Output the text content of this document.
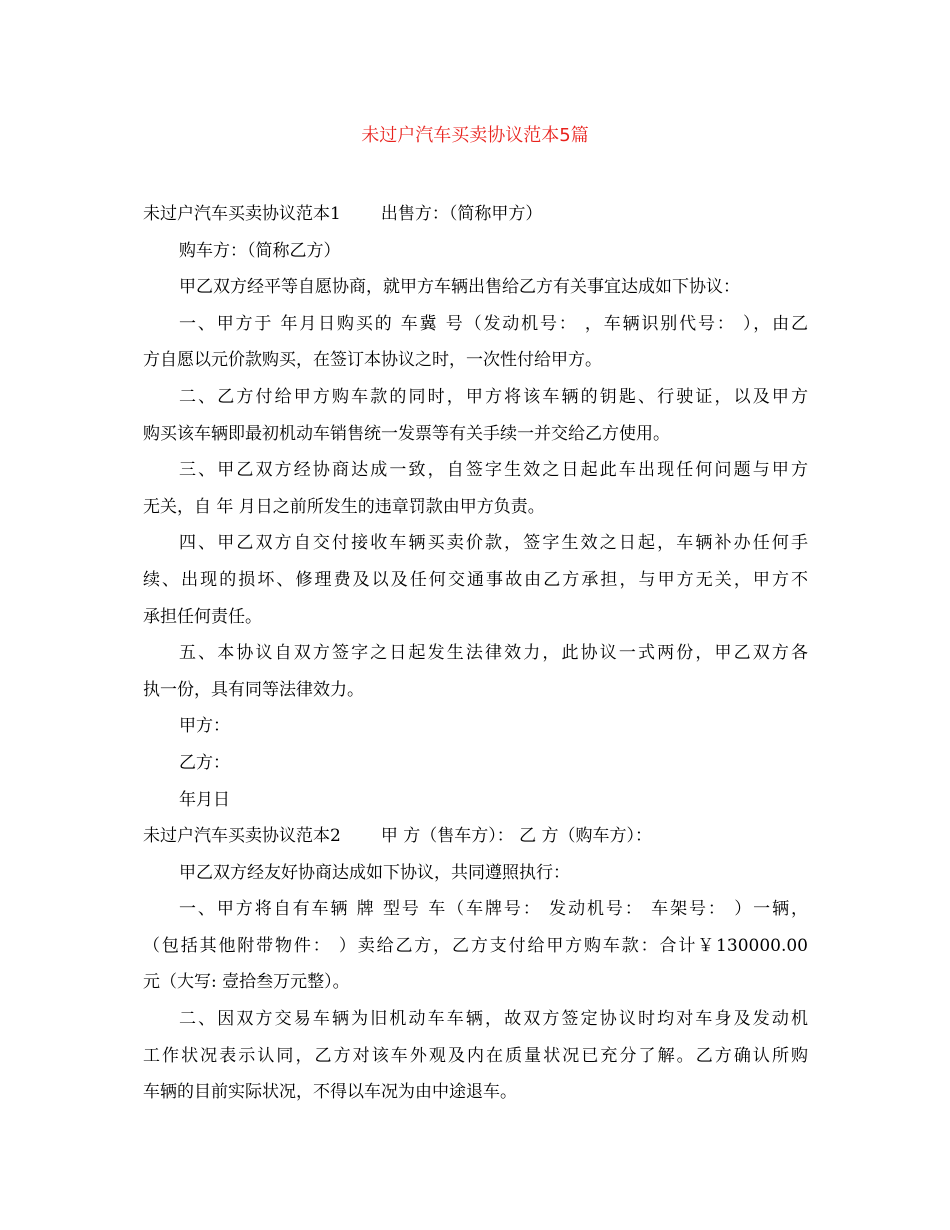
未过户汽车买卖协议范本5篇
未过户汽车买卖协议范本1 出售方：（简称甲方）
购车方：（简称乙方）
甲乙双方经平等自愿协商，就甲方车辆出售给乙方有关事宜达成如下协议：
一、甲方于 年月日购买的 车冀 号（发动机号： ，车辆识别代号： ），由乙
方自愿以元价款购买，在签订本协议之时，一次性付给甲方。
二、乙方付给甲方购车款的同时，甲方将该车辆的钥匙、行驶证，以及甲方
购买该车辆即最初机动车销售统一发票等有关手续一并交给乙方使用。
三、甲乙双方经协商达成一致，自签字生效之日起此车出现任何问题与甲方
无关，自 年 月日之前所发生的违章罚款由甲方负责。
四、甲乙双方自交付接收车辆买卖价款，签字生效之日起，车辆补办任何手
续、出现的损坏、修理费及以及任何交通事故由乙方承担，与甲方无关，甲方不
承担任何责任。
五、本协议自双方签字之日起发生法律效力，此协议一式两份，甲乙双方各
执一份，具有同等法律效力。
甲方：
乙方：
年月日
未过户汽车买卖协议范本2 甲 方（售车方）： 乙 方（购车方）：
甲乙双方经友好协商达成如下协议，共同遵照执行：
一、甲方将自有车辆 牌 型号 车（车牌号： 发动机号： 车架号： ）一辆，
（包括其他附带物件： ）卖给乙方，乙方支付给甲方购车款：合计￥130000.00
元（大写: 壹拾叁万元整）。
二、因双方交易车辆为旧机动车车辆，故双方签定协议时均对车身及发动机
工作状况表示认同，乙方对该车外观及内在质量状况已充分了解。乙方确认所购
车辆的目前实际状况，不得以车况为由中途退车。
